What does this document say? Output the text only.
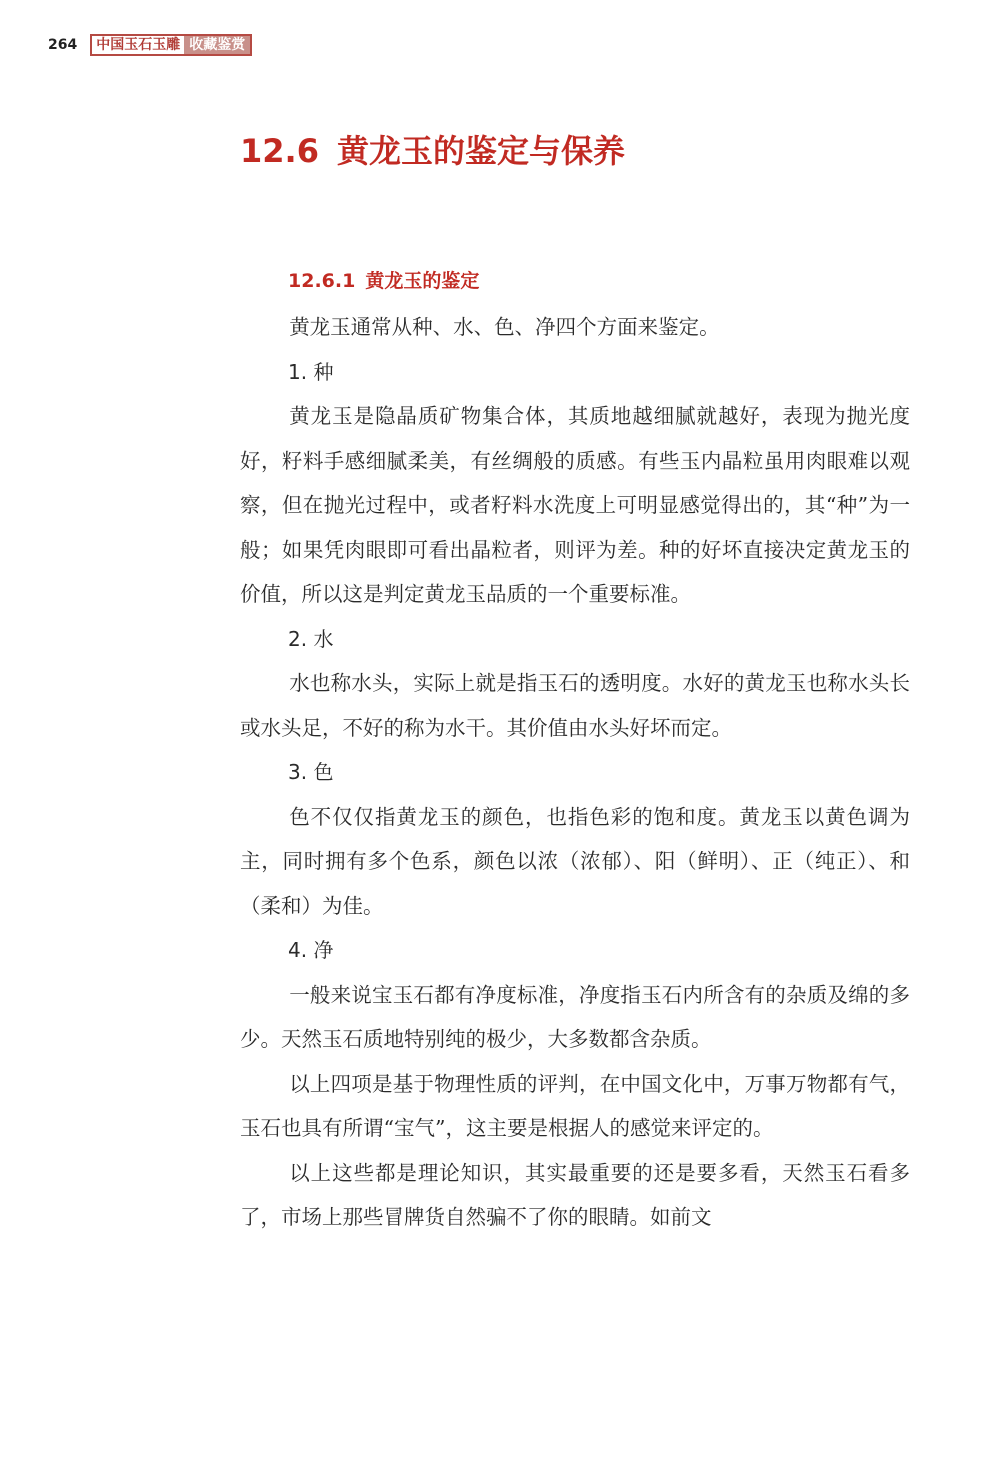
264 中国玉石玉雕 收藏鉴赏
12.6 黄龙玉的鉴定与保养
12.6.1 黄龙玉的鉴定

黄龙玉通常从种、水、色、净四个方面来鉴定。

1. 种

黄龙玉是隐晶质矿物集合体，其质地越细腻就越好，表现为抛光度好，籽料手感细腻柔美，有丝绸般的质感。有些玉内晶粒虽用肉眼难以观察，但在抛光过程中，或者籽料水洗度上可明显感觉得出的，其“种”为一般；如果凭肉眼即可看出晶粒者，则评为差。种的好坏直接决定黄龙玉的价值，所以这是判定黄龙玉品质的一个重要标准。

2. 水

水也称水头，实际上就是指玉石的透明度。水好的黄龙玉也称水头长或水头足，不好的称为水干。其价值由水头好坏而定。

3. 色

色不仅仅指黄龙玉的颜色，也指色彩的饱和度。黄龙玉以黄色调为主，同时拥有多个色系，颜色以浓（浓郁）、阳（鲜明）、正（纯正）、和（柔和）为佳。

4. 净

一般来说宝玉石都有净度标准，净度指玉石内所含有的杂质及绵的多少。天然玉石质地特别纯的极少，大多数都含杂质。

以上四项是基于物理性质的评判，在中国文化中，万事万物都有气，玉石也具有所谓“宝气”，这主要是根据人的感觉来评定的。

以上这些都是理论知识，其实最重要的还是要多看，天然玉石看多了，市场上那些冒牌货自然骗不了你的眼睛。如前文
